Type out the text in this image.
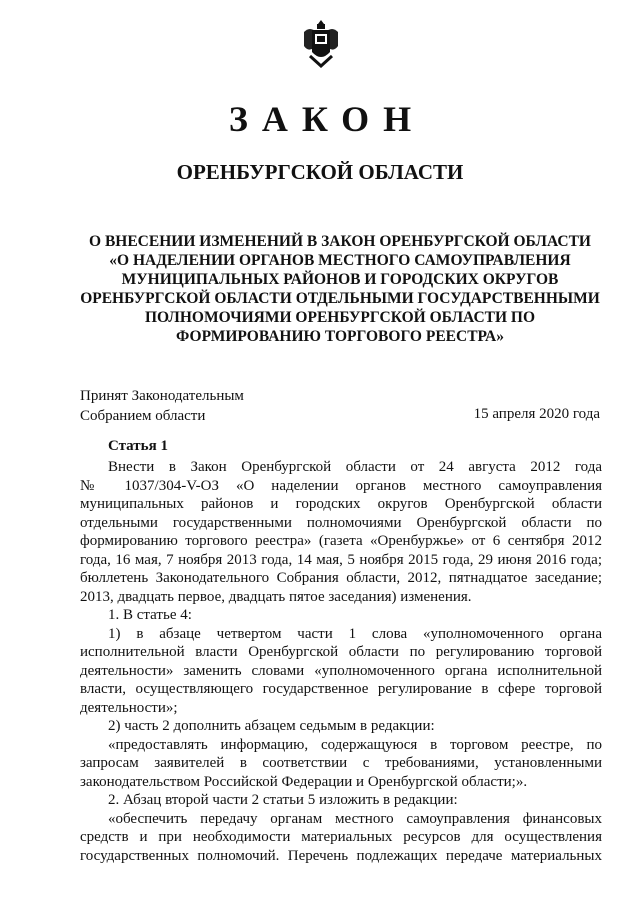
ЗАКОН
ОРЕНБУРГСКОЙ ОБЛАСТИ
О ВНЕСЕНИИ ИЗМЕНЕНИЙ В ЗАКОН ОРЕНБУРГСКОЙ ОБЛАСТИ
«О НАДЕЛЕНИИ ОРГАНОВ МЕСТНОГО САМОУПРАВЛЕНИЯ
МУНИЦИПАЛЬНЫХ РАЙОНОВ И ГОРОДСКИХ ОКРУГОВ
ОРЕНБУРГСКОЙ ОБЛАСТИ ОТДЕЛЬНЫМИ ГОСУДАРСТВЕННЫМИ
ПОЛНОМОЧИЯМИ ОРЕНБУРГСКОЙ ОБЛАСТИ ПО
ФОРМИРОВАНИЮ ТОРГОВОГО РЕЕСТРА»
Принят Законодательным
Собранием области	15 апреля 2020 года
Статья 1
Внести в Закон Оренбургской области от 24 августа 2012 года
№ 1037/304-V-ОЗ «О наделении органов местного самоуправления
муниципальных районов и городских округов Оренбургской области
отдельными государственными полномочиями Оренбургской области по
формированию торгового реестра» (газета «Оренбуржье» от 6 сентября 2012
года, 16 мая, 7 ноября 2013 года, 14 мая, 5 ноября 2015 года, 29 июня 2016 года;
бюллетень Законодательного Собрания области, 2012, пятнадцатое заседание;
2013, двадцать первое, двадцать пятое заседания) изменения.
1. В статье 4:
1) в абзаце четвертом части 1 слова «уполномоченного органа
исполнительной власти Оренбургской области по регулированию торговой
деятельности» заменить словами «уполномоченного органа исполнительной
власти, осуществляющего государственное регулирование в сфере торговой
деятельности»;
2) часть 2 дополнить абзацем седьмым в редакции:
«предоставлять информацию, содержащуюся в торговом реестре, по
запросам заявителей в соответствии с требованиями, установленными
законодательством Российской Федерации и Оренбургской области;».
2. Абзац второй части 2 статьи 5 изложить в редакции:
«обеспечить передачу органам местного самоуправления финансовых
средств и при необходимости материальных ресурсов для осуществления
государственных полномочий. Перечень подлежащих передаче материальных
